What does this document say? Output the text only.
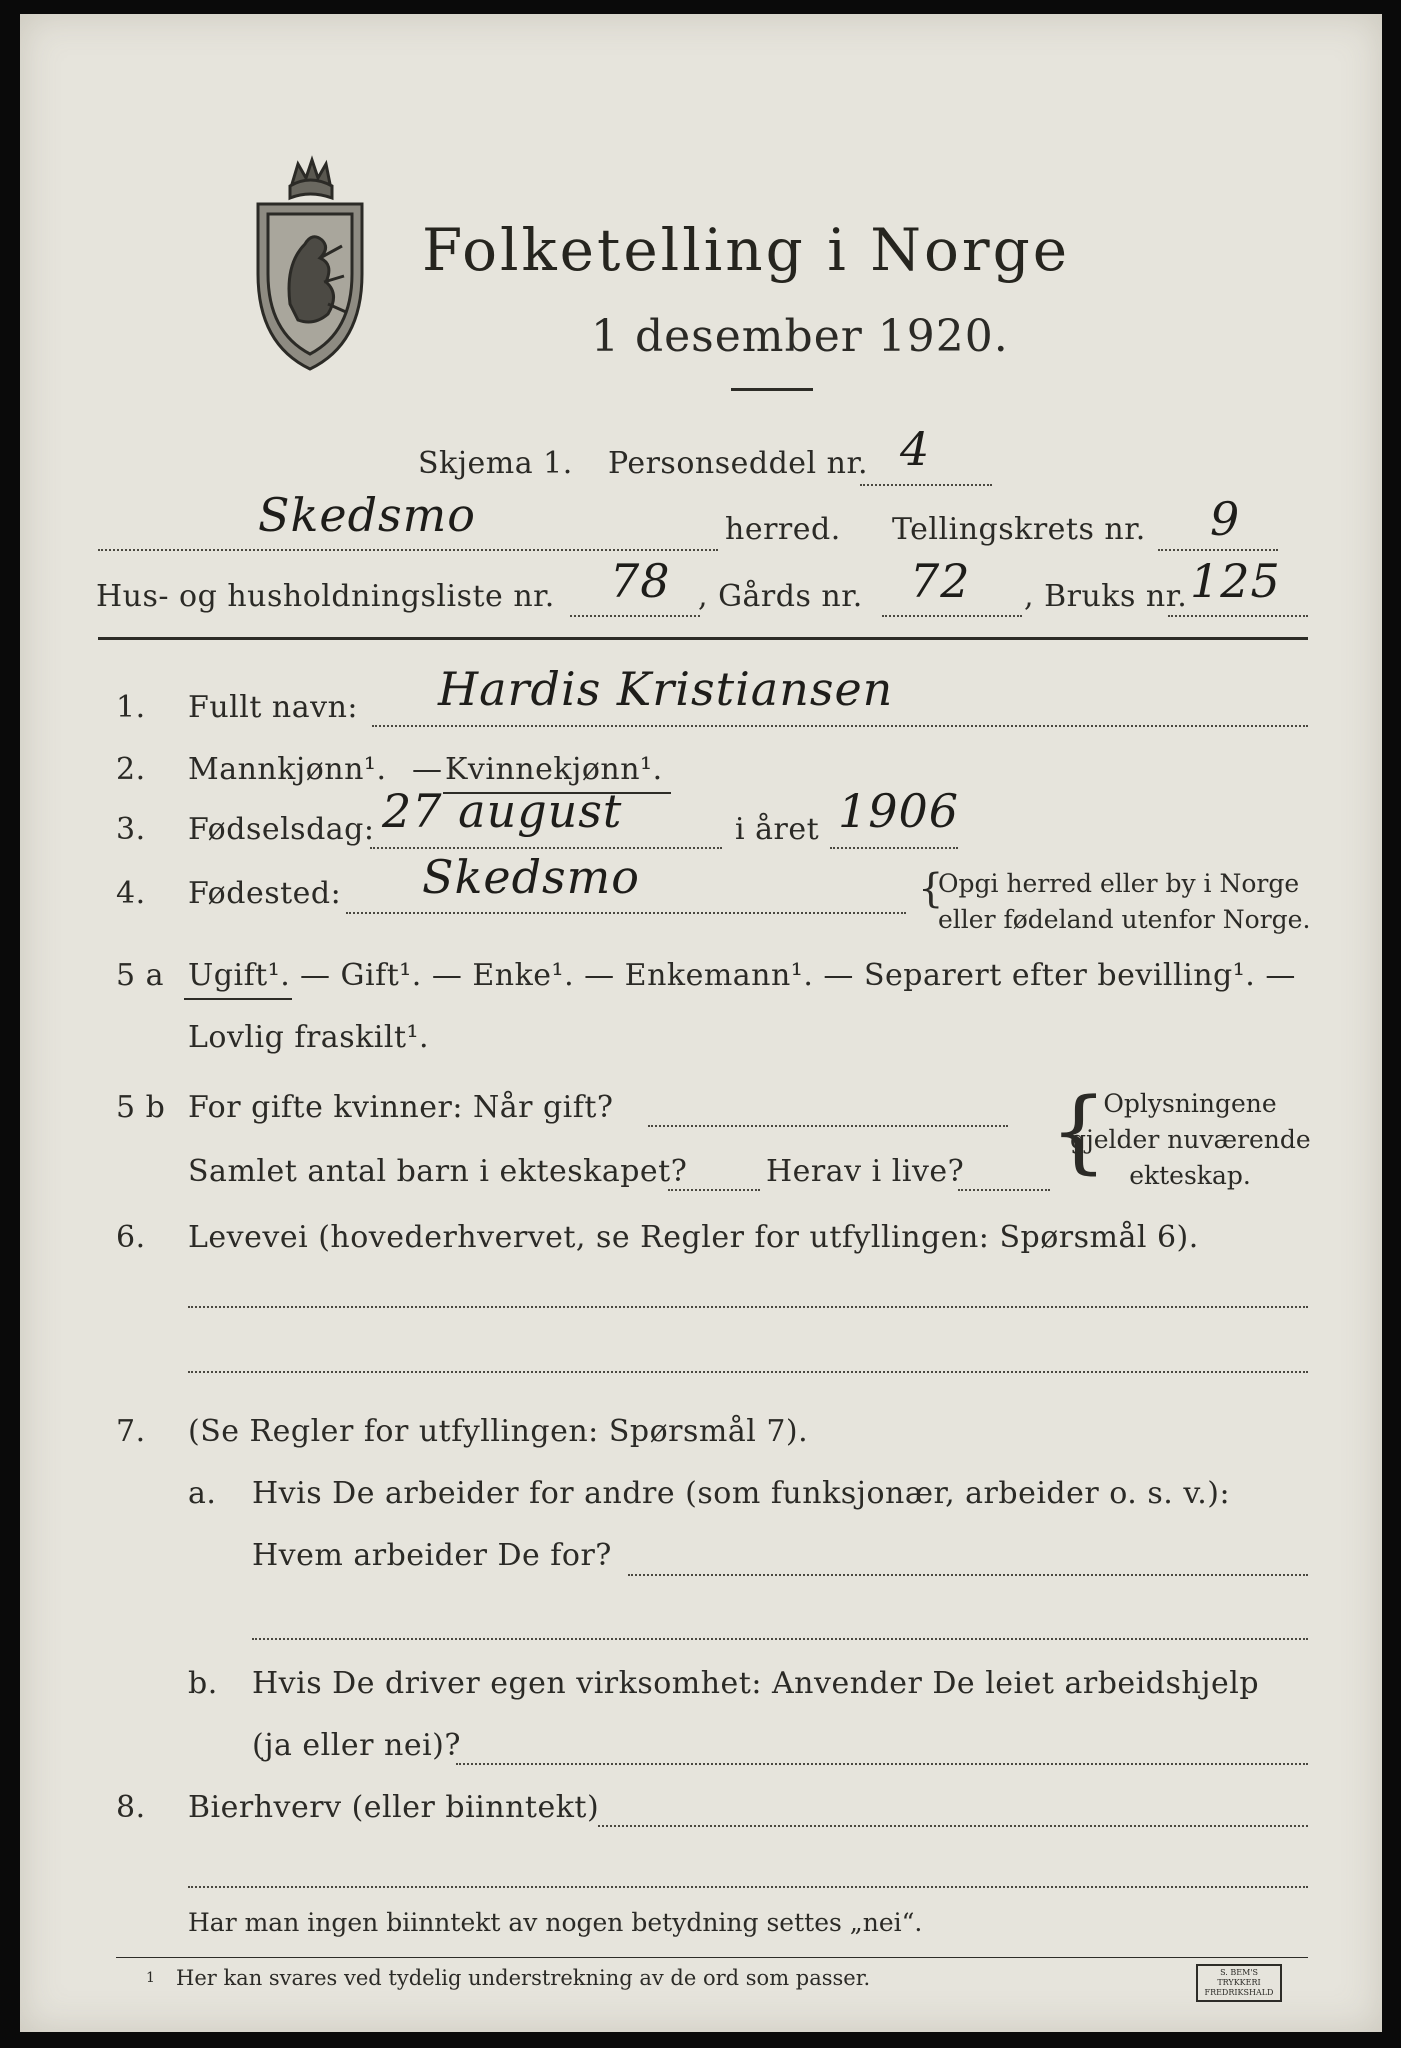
Folketelling i Norge
1 desember 1920.
Skjema 1. Personseddel nr. 4
Skedsmo	herred. Tellingskrets nr. 9
Hus- og husholdningsliste nr. 78 , Gårds nr. 72 , Bruks nr. 125
1. Fullt navn: Hardis Kristiansen
2. Mannkjønn¹. — Kvinnekjønn¹.
3. Fødselsdag: 27 august	i året 1906
4. Fødested: Skedsmo	{
Opgi herred eller by i Norge
eller fødeland utenfor Norge.
5 a Ugift¹. — Gift¹. — Enke¹. — Enkemann¹. — Separert efter bevilling¹. —
Lovlig fraskilt¹.
5 b For gifte kvinner: Når gift?
Samlet antal barn i ekteskapet?	Herav i live? {
Oplysningene
gjelder nuværende
ekteskap.
6. Levevei (hovederhvervet, se Regler for utfyllingen: Spørsmål 6).
7. (Se Regler for utfyllingen: Spørsmål 7).
a. Hvis De arbeider for andre (som funksjonær, arbeider o. s. v.):
Hvem arbeider De for?
b. Hvis De driver egen virksomhet: Anvender De leiet arbeidshjelp
(ja eller nei)?
8. Bierhverv (eller biinntekt)
Har man ingen biinntekt av nogen betydning settes „nei“.
1 Her kan svares ved tydelig understrekning av de ord som passer.	S. BEM'S TRYKKERI
FREDRIKSHALD
